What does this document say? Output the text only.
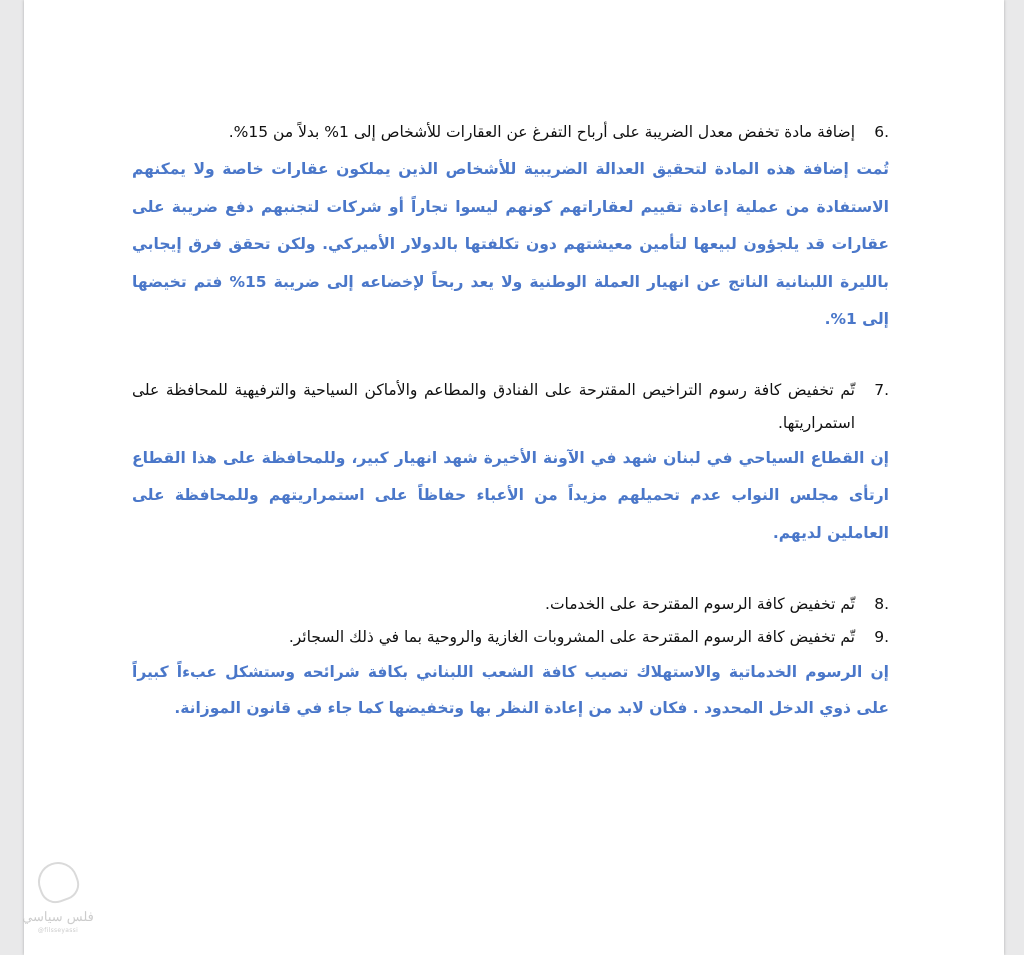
6.
إضافة مادة تخفض معدل الضريبة على أرباح التفرغ عن العقارات للأشخاص إلى 1% بدلاً من 15%.
تُمت إضافة هذه المادة لتحقيق العدالة الضريبية للأشخاص الذين يملكون عقارات خاصة ولا يمكنهم الاستفادة من عملية إعادة تقييم لعقاراتهم كونهم ليسوا تجاراً أو شركات لتجنبهم دفع ضريبة على عقارات قد يلجؤون لبيعها لتأمين معيشتهم دون تكلفتها بالدولار الأميركي. ولكن تحقق فرق إيجابي بالليرة اللبنانية الناتج عن انهيار العملة الوطنية ولا يعد ربحاً لإخضاعه إلى ضريبة 15% فتم تخيضها إلى 1%.
7.
تّم تخفيض كافة رسوم التراخيص المقترحة على الفنادق والمطاعم والأماكن السياحية والترفيهية للمحافظة على استمراريتها.
إن القطاع السياحي في لبنان شهد في الآونة الأخيرة شهد انهيار كبير، وللمحافظة على هذا القطاع ارتأى مجلس النواب عدم تحميلهم مزيداً من الأعباء حفاظاً على استمراريتهم وللمحافظة على العاملين لديهم.
8.
تّم تخفيض كافة الرسوم المقترحة على الخدمات.
9.
تّم تخفيض كافة الرسوم المقترحة على المشروبات الغازية والروحية بما في ذلك السجائر.
إن الرسوم الخدماتية والاستهلاك تصيب كافة الشعب اللبناني بكافة شرائحه وستشكل عبءاً كبيراً على ذوي الدخل المحدود . فكان لابد من إعادة النظر بها وتخفيضها كما جاء في قانون الموزانة.
فلس سياسي
@filsseyassi
